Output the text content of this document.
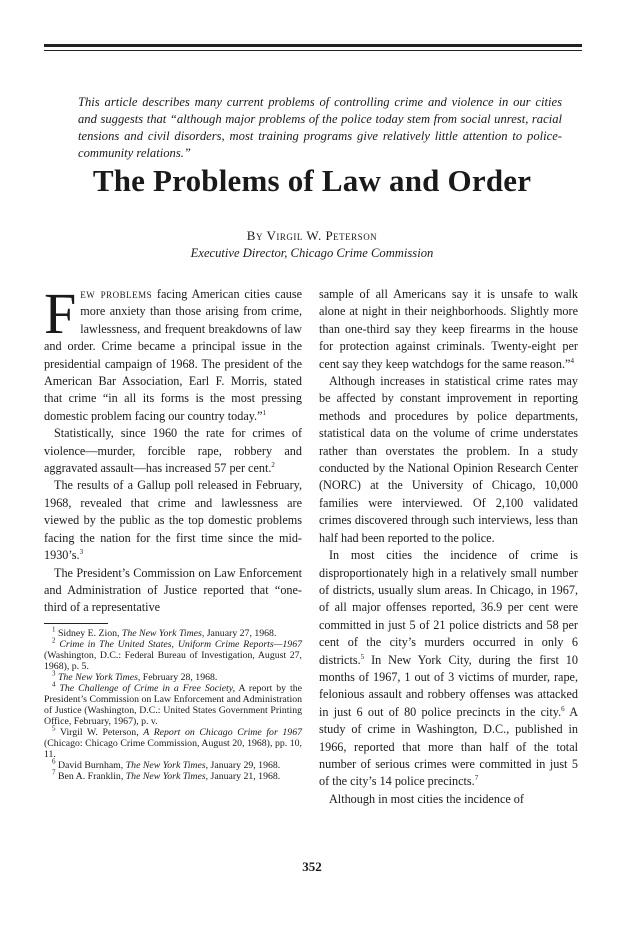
This article describes many current problems of controlling crime and violence in our cities and suggests that “although major problems of the police today stem from social unrest, racial tensions and civil disorders, most training programs give relatively little attention to police-community relations.”
The Problems of Law and Order
By Virgil W. Peterson
Executive Director, Chicago Crime Commission

Few problems facing American cities cause more anxiety than those arising from crime, lawlessness, and frequent breakdowns of law and order. Crime became a principal issue in the presidential campaign of 1968. The president of the American Bar Association, Earl F. Morris, stated that crime “in all its forms is the most pressing domestic problem facing our country today.”$^1$

Statistically, since 1960 the rate for crimes of violence—murder, forcible rape, robbery and aggravated assault—has increased 57 per cent.$^2$

The results of a Gallup poll released in February, 1968, revealed that crime and lawlessness are viewed by the public as the top domestic problems facing the nation for the first time since the mid-1930’s.$^3$

The President’s Commission on Law Enforcement and Administration of Justice reported that “one-third of a representative

$^1$ Sidney E. Zion, The New York Times, January 27, 1968.

$^2$ Crime in The United States, Uniform Crime Reports—1967 (Washington, D.C.: Federal Bureau of Investigation, August 27, 1968), p. 5.

$^3$ The New York Times, February 28, 1968.

$^4$ The Challenge of Crime in a Free Society, A report by the President’s Commission on Law Enforcement and Administration of Justice (Washington, D.C.: United States Government Printing Office, February, 1967), p. v.

$^5$ Virgil W. Peterson, A Report on Chicago Crime for 1967 (Chicago: Chicago Crime Commission, August 20, 1968), pp. 10, 11.

$^6$ David Burnham, The New York Times, January 29, 1968.

$^7$ Ben A. Franklin, The New York Times, January 21, 1968.

sample of all Americans say it is unsafe to walk alone at night in their neighborhoods. Slightly more than one-third say they keep firearms in the house for protection against criminals. Twenty-eight per cent say they keep watchdogs for the same reason.”$^4$

Although increases in statistical crime rates may be affected by constant improvement in reporting methods and procedures by police departments, statistical data on the volume of crime understates rather than overstates the problem. In a study conducted by the National Opinion Research Center (NORC) at the University of Chicago, 10,000 families were interviewed. Of 2,100 validated crimes discovered through such interviews, less than half had been reported to the police.

In most cities the incidence of crime is disproportionately high in a relatively small number of districts, usually slum areas. In Chicago, in 1967, of all major offenses reported, 36.9 per cent were committed in just 5 of 21 police districts and 58 per cent of the city’s murders occurred in only 6 districts.$^5$ In New York City, during the first 10 months of 1967, 1 out of 3 victims of murder, rape, felonious assault and robbery offenses was attacked in just 6 out of 80 police precincts in the city.$^6$ A study of crime in Washington, D.C., published in 1966, reported that more than half of the total number of serious crimes were committed in just 5 of the city’s 14 police precincts.$^7$

Although in most cities the incidence of

352
